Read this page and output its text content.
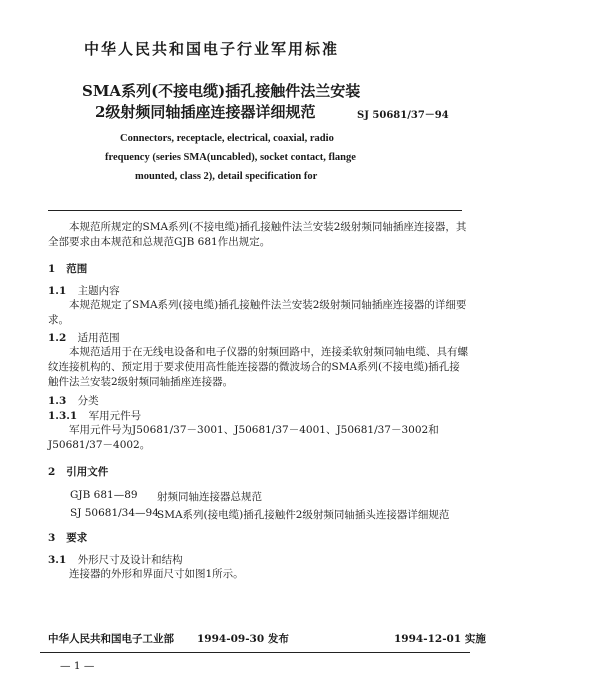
中华人民共和国电子行业军用标准
SMA系列(不接电缆)插孔接触件法兰安装
2级射频同轴插座连接器详细规范	SJ 50681/37－94
Connectors, receptacle, electrical, coaxial, radio
frequency (series SMA(uncabled), socket contact, flange
mounted, class 2), detail specification for
本规范所规定的SMA系列(不接电缆)插孔接触件法兰安装2级射频同轴插座连接器，其全部要求由本规范和总规范GJB 681作出规定。
1 范围
1.1 主题内容
本规范规定了SMA系列(接电缆)插孔接触件法兰安装2级射频同轴插座连接器的详细要求。
1.2 适用范围
本规范适用于在无线电设备和电子仪器的射频回路中，连接柔软射频同轴电缆、具有螺纹连接机构的、预定用于要求使用高性能连接器的微波场合的SMA系列(不接电缆)插孔接触件法兰安装2级射频同轴插座连接器。
1.3 分类
1.3.1 军用元件号
军用元件号为J50681/37－3001、J50681/37－4001、J50681/37－3002和J50681/37－4002。
2 引用文件
GJB 681—89 射频同轴连接器总规范
SJ 50681/34—94
SMA系列(接电缆)插孔接触件2级射频同轴插头连接器详细规范
3 要求
3.1 外形尺寸及设计和结构
连接器的外形和界面尺寸如图1所示。
中华人民共和国电子工业部 1994-09-30 发布	1994-12-01 实施
— 1 —
